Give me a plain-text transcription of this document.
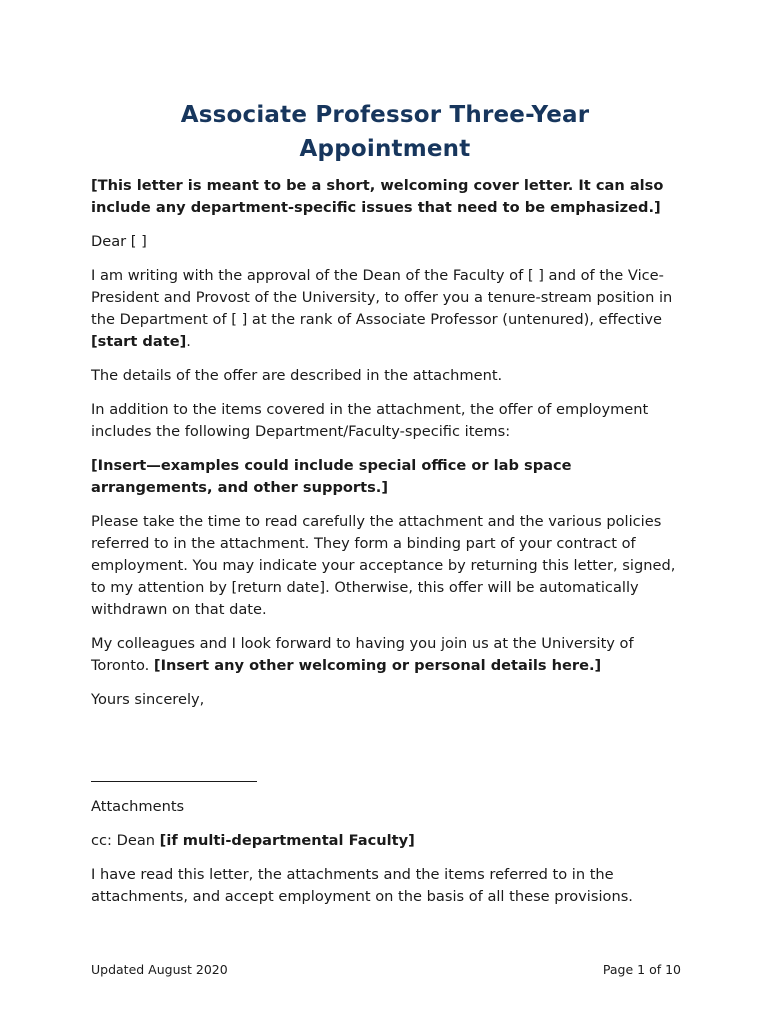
Associate Professor Three-Year
Appointment

[This letter is meant to be a short, welcoming cover letter. It can also include any department-specific issues that need to be emphasized.]

Dear [ ]

I am writing with the approval of the Dean of the Faculty of [ ] and of the Vice-President and Provost of the University, to offer you a tenure-stream position in the Department of [ ] at the rank of Associate Professor (untenured), effective [start date].

The details of the offer are described in the attachment.

In addition to the items covered in the attachment, the offer of employment includes the following Department/Faculty-specific items:

[Insert—examples could include special office or lab space arrangements, and other supports.]

Please take the time to read carefully the attachment and the various policies referred to in the attachment. They form a binding part of your contract of employment. You may indicate your acceptance by returning this letter, signed, to my attention by [return date]. Otherwise, this offer will be automatically withdrawn on that date.

My colleagues and I look forward to having you join us at the University of Toronto. [Insert any other welcoming or personal details here.]

Yours sincerely,

Attachments

cc: Dean [if multi-departmental Faculty]

I have read this letter, the attachments and the items referred to in the attachments, and accept employment on the basis of all these provisions.

Updated August 2020	Page 1 of 10
